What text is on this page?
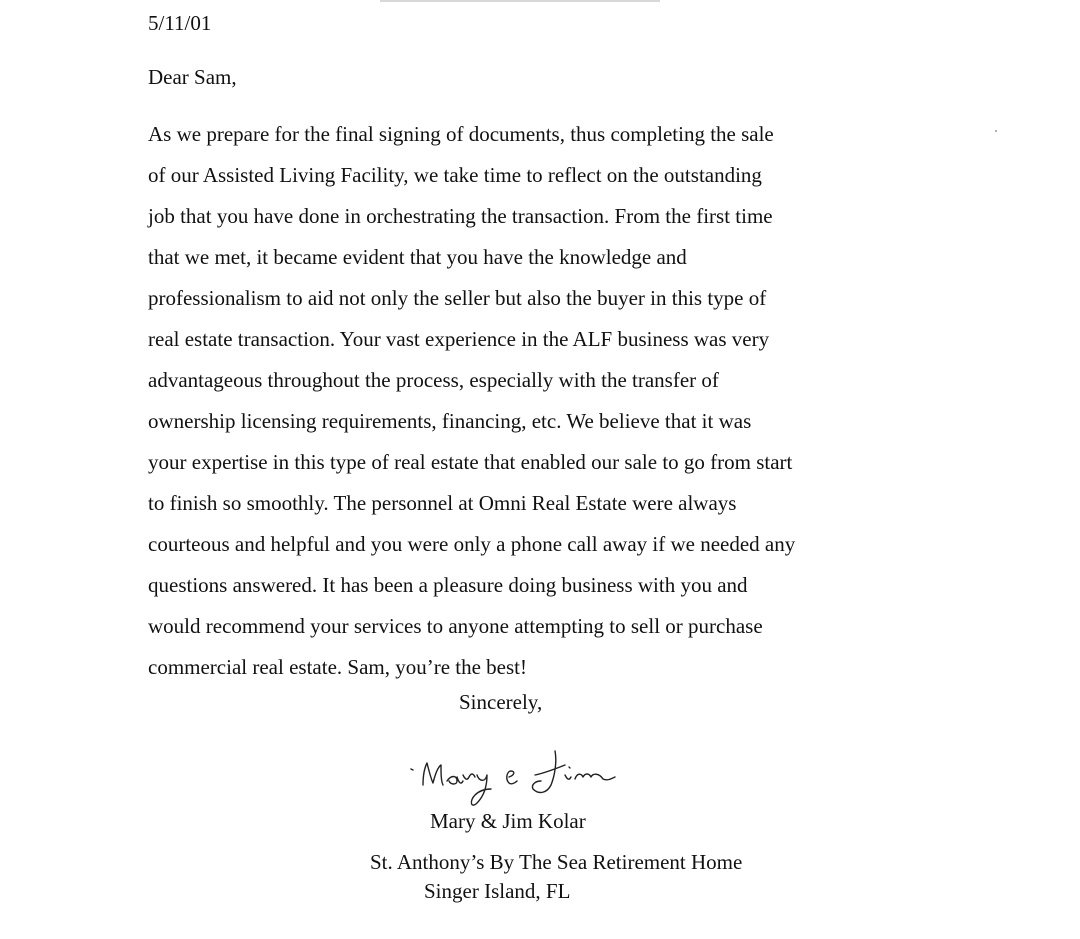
5/11/01
Dear Sam,
As we prepare for the final signing of documents, thus completing the sale
of our Assisted Living Facility, we take time to reflect on the outstanding
job that you have done in orchestrating the transaction. From the first time
that we met, it became evident that you have the knowledge and
professionalism to aid not only the seller but also the buyer in this type of
real estate transaction. Your vast experience in the ALF business was very
advantageous throughout the process, especially with the transfer of
ownership licensing requirements, financing, etc. We believe that it was
your expertise in this type of real estate that enabled our sale to go from start
to finish so smoothly. The personnel at Omni Real Estate were always
courteous and helpful and you were only a phone call away if we needed any
questions answered. It has been a pleasure doing business with you and
would recommend your services to anyone attempting to sell or purchase
commercial real estate. Sam, you’re the best!
Sincerely,
Mary & Jim Kolar
St. Anthony’s By The Sea Retirement Home
Singer Island, FL
